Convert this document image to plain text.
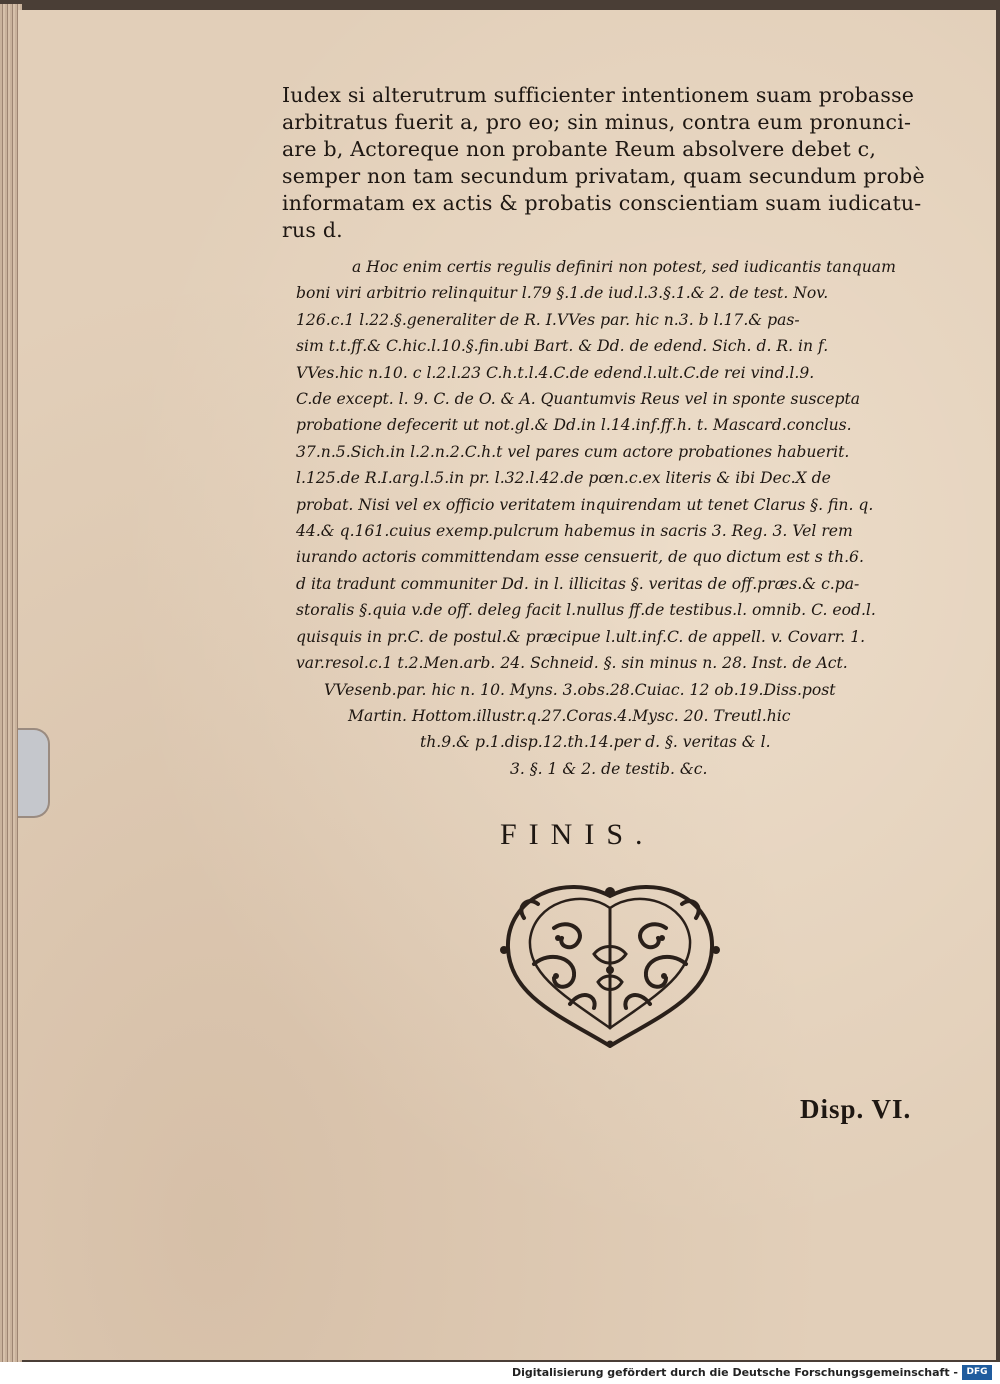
Iudex si alterutrum sufficienter intentionem suam probasse
arbitratus fuerit a, pro eo; sin minus, contra eum pronunci-
are b, Actoreque non probante Reum absolvere debet c,
semper non tam secundum privatam, quam secundum probè
informatam ex actis & probatis conscientiam suam iudicatu-
rus d.
a Hoc enim certis regulis definiri non potest, sed iudicantis tanquam
boni viri arbitrio relinquitur l.79 §.1.de iud.l.3.§.1.& 2. de test. Nov.
126.c.1 l.22.§.generaliter de R. I.VVes par. hic n.3. b l.17.& pas-
sim t.t.ff.& C.hic.l.10.§.fin.ubi Bart. & Dd. de edend. Sich. d. R. in f.
VVes.hic n.10. c l.2.l.23 C.h.t.l.4.C.de edend.l.ult.C.de rei vind.l.9.
C.de except. l. 9. C. de O. & A. Quantumvis Reus vel in sponte suscepta
probatione defecerit ut not.gl.& Dd.in l.14.inf.ff.h. t. Mascard.conclus.
37.n.5.Sich.in l.2.n.2.C.h.t vel pares cum actore probationes habuerit.
l.125.de R.I.arg.l.5.in pr. l.32.l.42.de pœn.c.ex literis & ibi Dec.X de
probat. Nisi vel ex officio veritatem inquirendam ut tenet Clarus §. fin. q.
44.& q.161.cuius exemp.pulcrum habemus in sacris 3. Reg. 3. Vel rem
iurando actoris committendam esse censuerit, de quo dictum est s th.6.
d ita tradunt communiter Dd. in l. illicitas §. veritas de off.præs.& c.pa-
storalis §.quia v.de off. deleg facit l.nullus ff.de testibus.l. omnib. C. eod.l.
quisquis in pr.C. de postul.& præcipue l.ult.inf.C. de appell. v. Covarr. 1.
var.resol.c.1 t.2.Men.arb. 24. Schneid. §. sin minus n. 28. Inst. de Act.
VVesenb.par. hic n. 10. Myns. 3.obs.28.Cuiac. 12 ob.19.Diss.post
Martin. Hottom.illustr.q.27.Coras.4.Mysc. 20. Treutl.hic
th.9.& p.1.disp.12.th.14.per d. §. veritas & l.
3. §. 1 & 2. de testib. &c.
FINIS.
Disp. VI.
Digitalisierung gefördert durch die Deutsche Forschungsgemeinschaft - DFG
